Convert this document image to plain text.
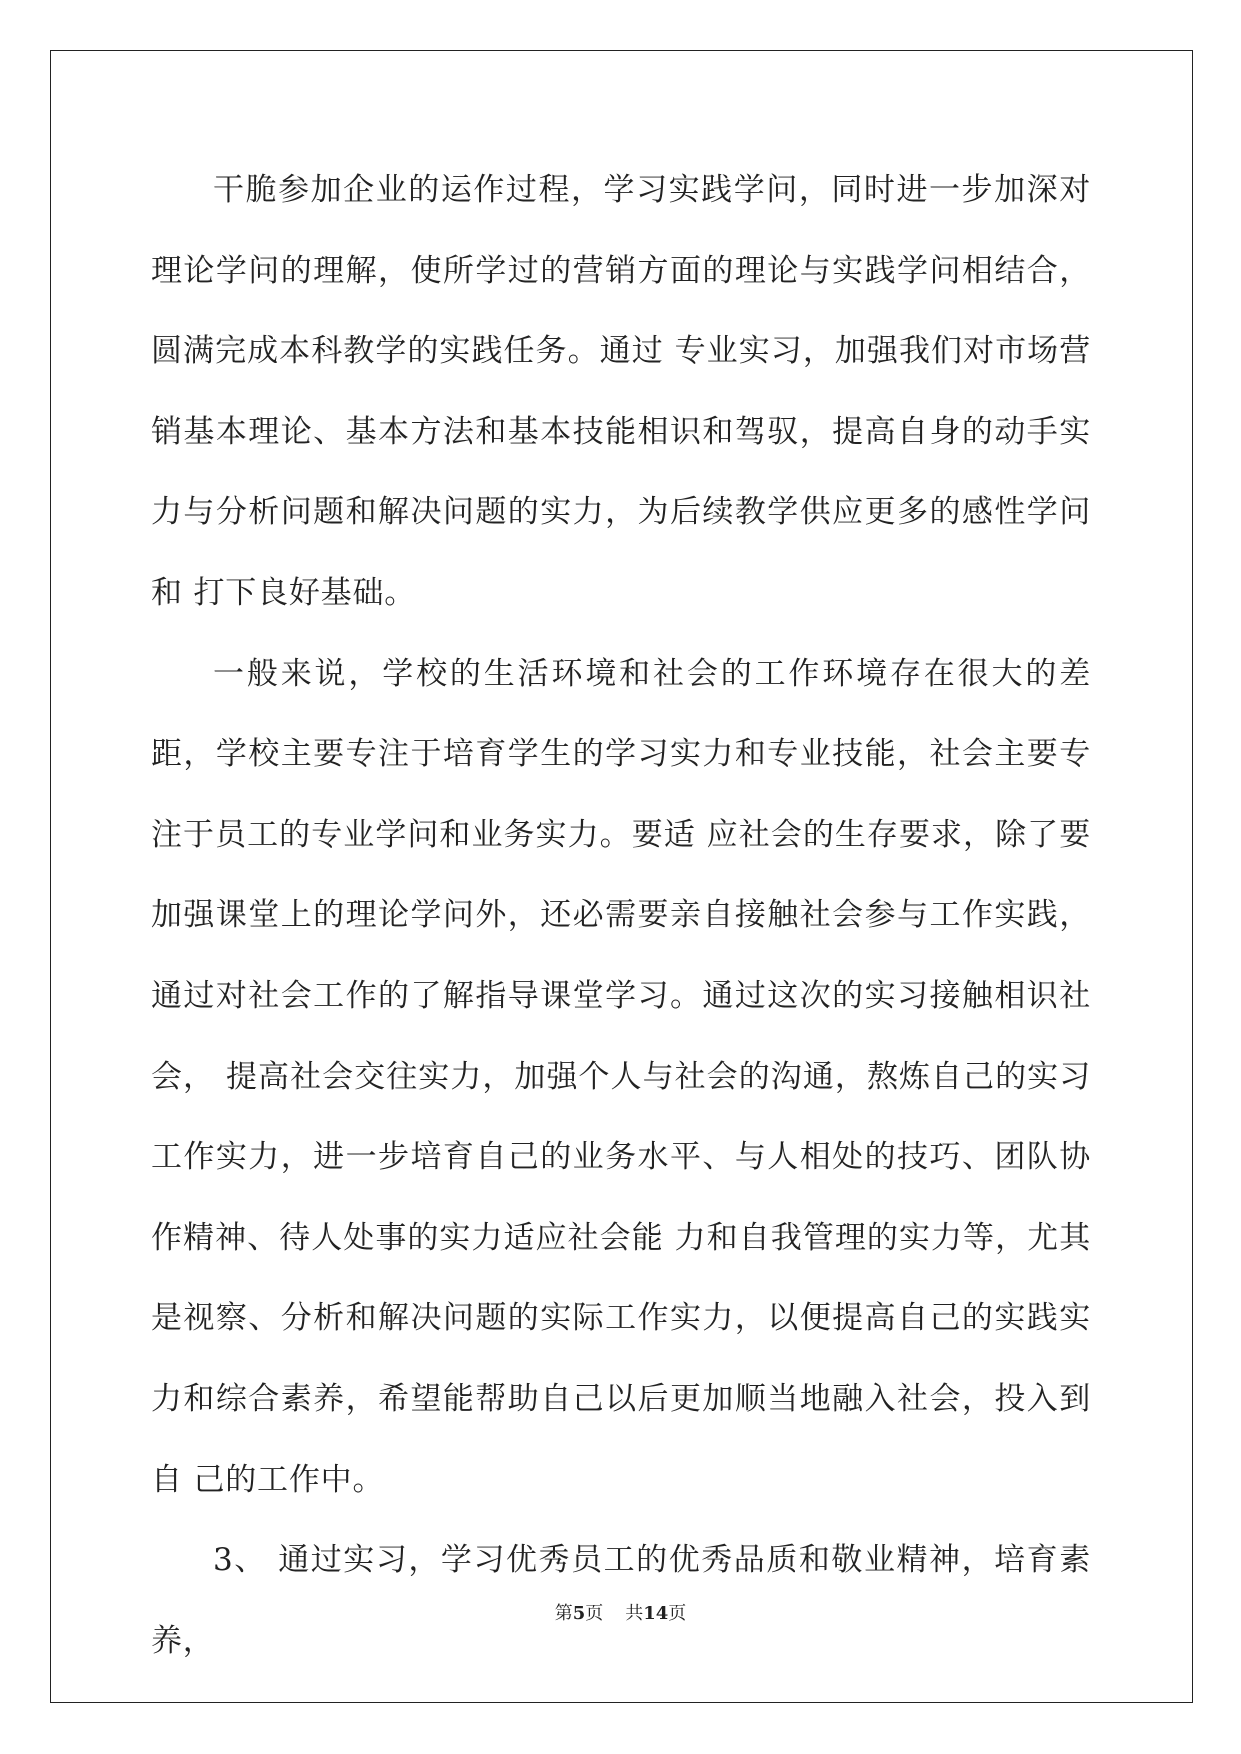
干脆参加企业的运作过程，学习实践学问，同时进一步加深对理论学问的理解，使所学过的营销方面的理论与实践学问相结合，圆满完成本科教学的实践任务。通过 专业实习，加强我们对市场营销基本理论、基本方法和基本技能相识和驾驭，提高自身的动手实力与分析问题和解决问题的实力，为后续教学供应更多的感性学问和 打下良好基础。

一般来说，学校的生活环境和社会的工作环境存在很大的差距，学校主要专注于培育学生的学习实力和专业技能，社会主要专注于员工的专业学问和业务实力。要适 应社会的生存要求，除了要加强课堂上的理论学问外，还必需要亲自接触社会参与工作实践，通过对社会工作的了解指导课堂学习。通过这次的实习接触相识社会， 提高社会交往实力，加强个人与社会的沟通，熬炼自己的实习工作实力，进一步培育自己的业务水平、与人相处的技巧、团队协作精神、待人处事的实力适应社会能 力和自我管理的实力等，尤其是视察、分析和解决问题的实际工作实力，以便提高自己的实践实力和综合素养，希望能帮助自己以后更加顺当地融入社会，投入到自 己的工作中。

3、 通过实习，学习优秀员工的优秀品质和敬业精神，培育素养，

第5页 共14页
